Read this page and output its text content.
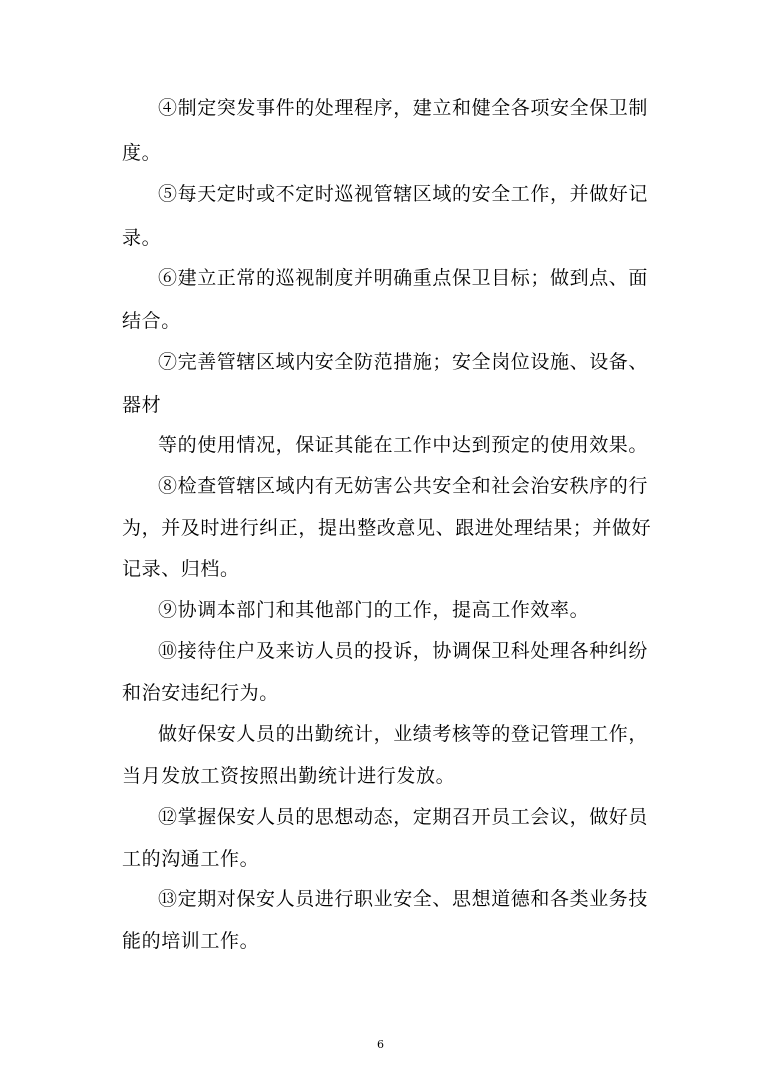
④制定突发事件的处理程序，建立和健全各项安全保卫制
度。
⑤每天定时或不定时巡视管辖区域的安全工作，并做好记
录。
⑥建立正常的巡视制度并明确重点保卫目标；做到点、面
结合。
⑦完善管辖区域内安全防范措施；安全岗位设施、设备、
器材
等的使用情况，保证其能在工作中达到预定的使用效果。
⑧检查管辖区域内有无妨害公共安全和社会治安秩序的行
为，并及时进行纠正，提出整改意见、跟进处理结果；并做好
记录、归档。
⑨协调本部门和其他部门的工作，提高工作效率。
⑩接待住户及来访人员的投诉，协调保卫科处理各种纠纷
和治安违纪行为。
做好保安人员的出勤统计，业绩考核等的登记管理工作，
当月发放工资按照出勤统计进行发放。
⑫掌握保安人员的思想动态，定期召开员工会议，做好员
工的沟通工作。
⑬定期对保安人员进行职业安全、思想道德和各类业务技
能的培训工作。
6
